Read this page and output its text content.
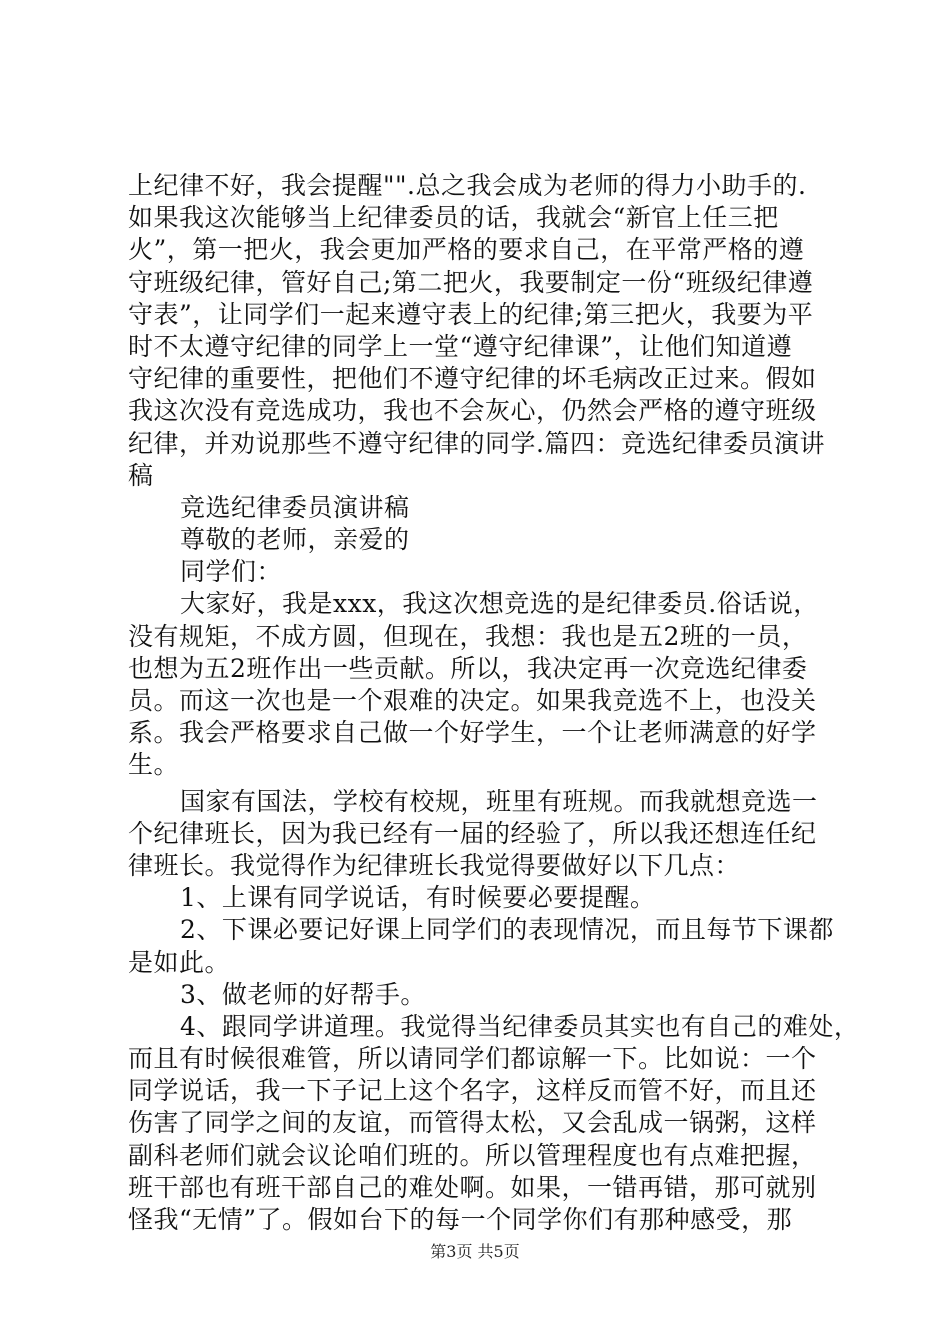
上纪律不好，我会提醒"".总之我会成为老师的得力小助手的.
如果我这次能够当上纪律委员的话，我就会“新官上任三把
火”，第一把火，我会更加严格的要求自己，在平常严格的遵
守班级纪律，管好自己;第二把火，我要制定一份“班级纪律遵
守表”，让同学们一起来遵守表上的纪律;第三把火，我要为平
时不太遵守纪律的同学上一堂“遵守纪律课”，让他们知道遵
守纪律的重要性，把他们不遵守纪律的坏毛病改正过来。假如
我这次没有竞选成功，我也不会灰心，仍然会严格的遵守班级
纪律，并劝说那些不遵守纪律的同学.篇四：竞选纪律委员演讲
稿
竞选纪律委员演讲稿
尊敬的老师，亲爱的
同学们：
大家好，我是xxx，我这次想竞选的是纪律委员.俗话说，
没有规矩，不成方圆，但现在，我想：我也是五2班的一员，
也想为五2班作出一些贡献。所以，我决定再一次竞选纪律委
员。而这一次也是一个艰难的决定。如果我竞选不上，也没关
系。我会严格要求自己做一个好学生，一个让老师满意的好学
生。
国家有国法，学校有校规，班里有班规。而我就想竞选一
个纪律班长，因为我已经有一届的经验了，所以我还想连任纪
律班长。我觉得作为纪律班长我觉得要做好以下几点：
1、上课有同学说话，有时候要必要提醒。
2、下课必要记好课上同学们的表现情况，而且每节下课都
是如此。
3、做老师的好帮手。
4、跟同学讲道理。我觉得当纪律委员其实也有自己的难处，
而且有时候很难管，所以请同学们都谅解一下。比如说：一个
同学说话，我一下子记上这个名字，这样反而管不好，而且还
伤害了同学之间的友谊，而管得太松，又会乱成一锅粥，这样
副科老师们就会议论咱们班的。所以管理程度也有点难把握，
班干部也有班干部自己的难处啊。如果，一错再错，那可就别
怪我“无情”了。假如台下的每一个同学你们有那种感受，那
第3页 共5页
